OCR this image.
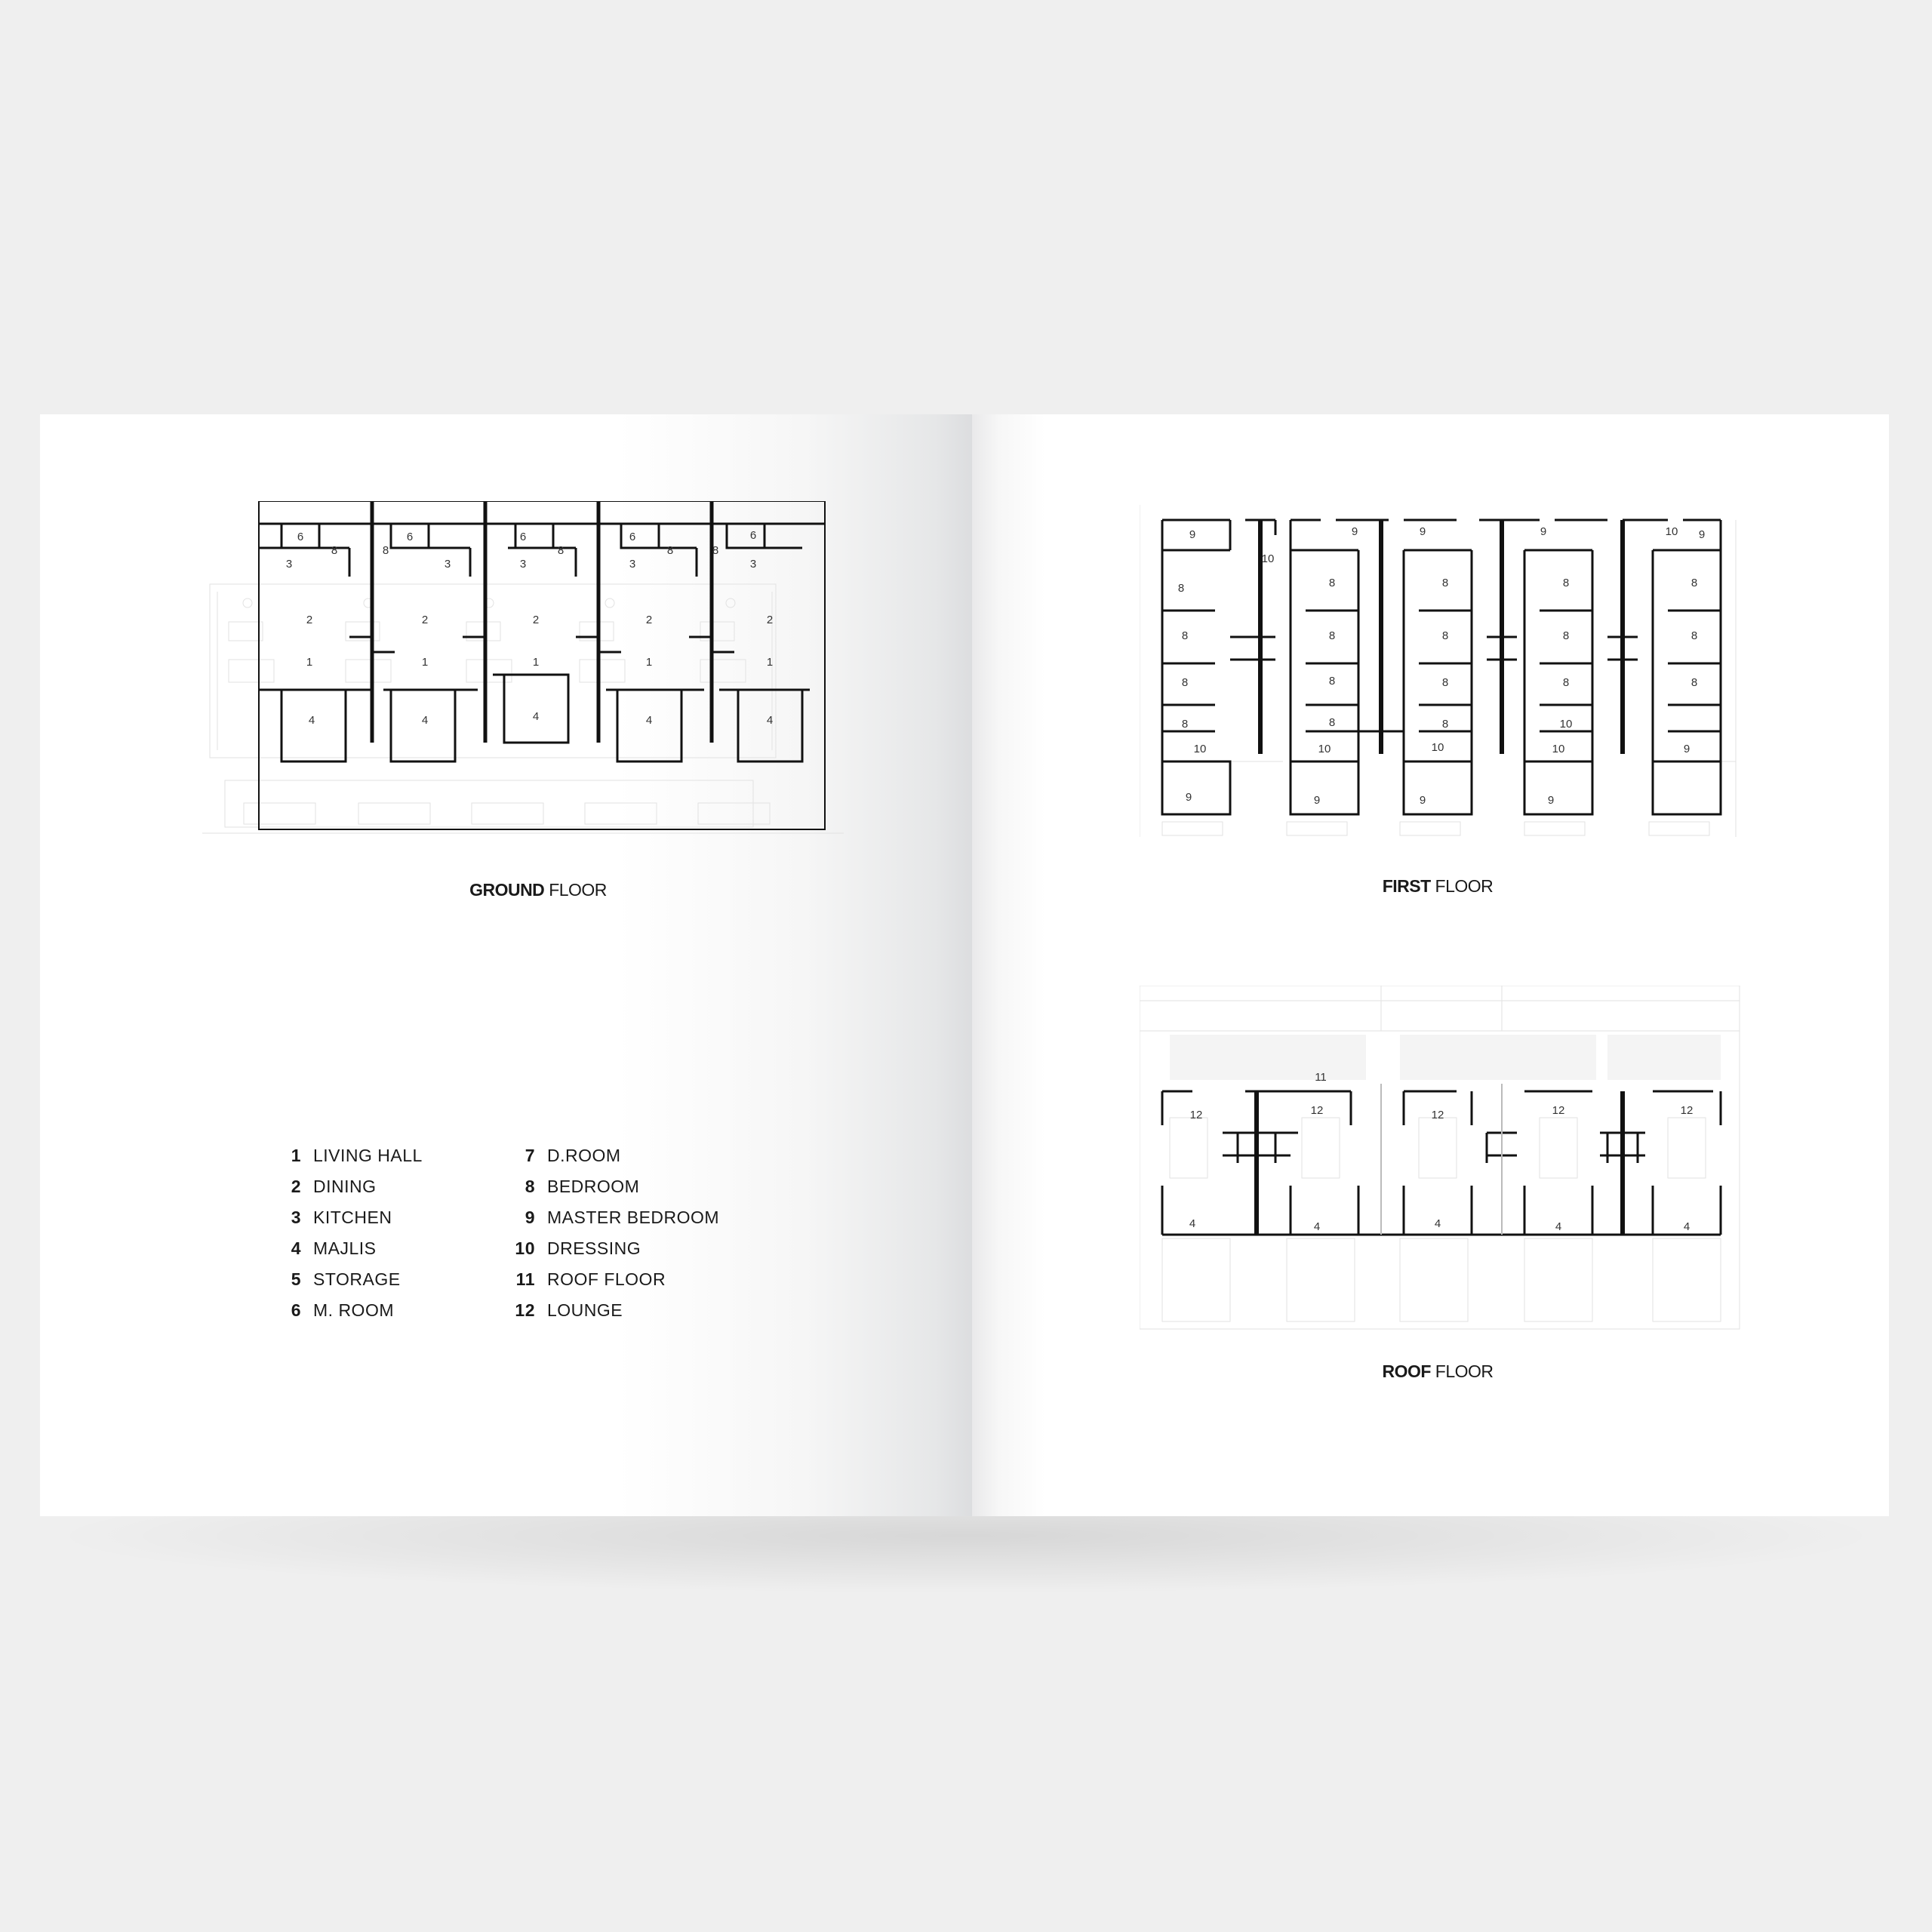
6
8
3
6
8
3
6
8
3
6
8
3
8
6
3
2	2	2	2	2
1	1	1	1	1
4	4	4	4	4
GROUND FLOOR
1 LIVING HALL
2 DINING
3 KITCHEN
4 MAJLIS
5 STORAGE
6 M. ROOM
7 D.ROOM
8 BEDROOM
9 MASTER BEDROOM
10 DRESSING
11 ROOF FLOOR
12 LOUNGE
9	9	9	9
10
9
10
8	8	8	8	8
8	8	8	8	8
8	8	8	8	8
8	8	8	10
10	10	10	10	9
9	9	9	9
FIRST FLOOR
11
12	12	12	12	12
4	4	4	4	4
ROOF FLOOR
